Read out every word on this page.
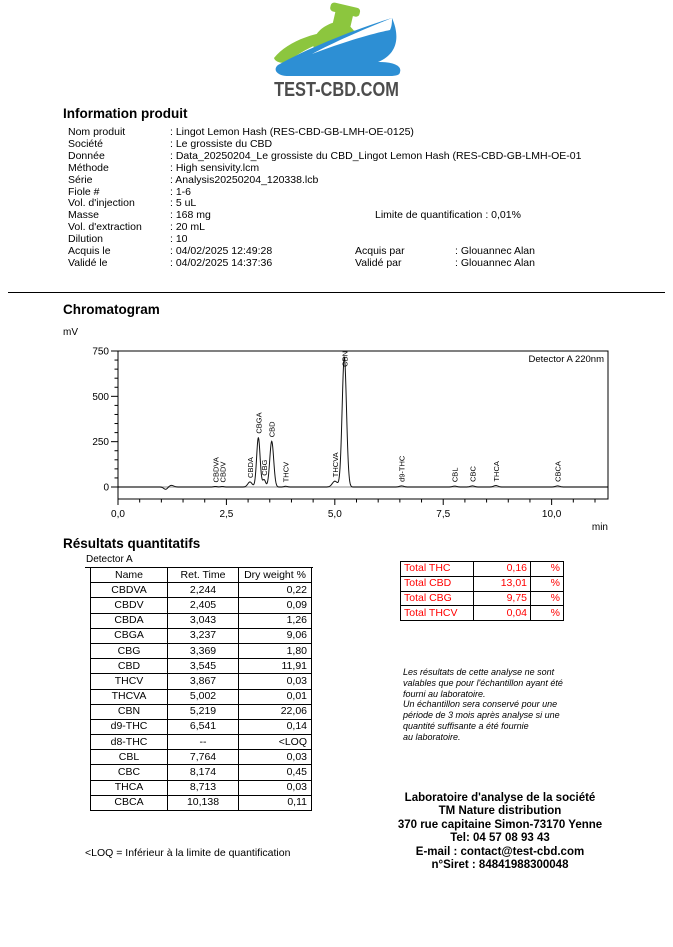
TEST-CBD.COM
Information produit
Nom produit	: Lingot Lemon Hash (RES-CBD-GB-LMH-OE-0125)
Société	: Le grossiste du CBD
Donnée	: Data_20250204_Le grossiste du CBD_Lingot Lemon Hash (RES-CBD-GB-LMH-OE-01
Méthode	: High sensivity.lcm
Série	: Analysis20250204_120338.lcb
Fiole #	: 1-6
Vol. d'injection	: 5 uL
Masse	: 168 mg
Vol. d'extraction	: 20 mL
Dilution	: 10
Acquis le	: 04/02/2025 12:49:28
Validé le	: 04/02/2025 14:37:36
Limite de quantification : 0,01%
Acquis par	: Glouannec Alan
Validé par	: Glouannec Alan
Chromatogram
mV
0
250
500
750
0,0	2,5	5,0	7,5	10,0
min
Detector A 220nm
CBDVA
CBDV CBDA
CBGA
CBG
CBD
THCV	THCVA
CBN
d9-THC	CBL CBC THCA	CBCA
Résultats quantitatifs
Detector A
Name	Ret. Time	Dry weight %
CBDVA	2,244	0,22
CBDV	2,405	0,09
CBDA	3,043	1,26
CBGA	3,237	9,06
CBG	3,369	1,80
CBD	3,545	11,91
THCV	3,867	0,03
THCVA	5,002	0,01
CBN	5,219	22,06
d9-THC	6,541	0,14
d8-THC	--	<LOQ
CBL	7,764	0,03
CBC	8,174	0,45
THCA	8,713	0,03
CBCA	10,138	0,11
Total THC	0,16	%
Total CBD	13,01	%
Total CBG	9,75	%
Total THCV	0,04	%
Les résultats de cette analyse ne sont
valables que pour l'échantillon ayant été
fourni au laboratoire.
Un échantillon sera conservé pour une
période de 3 mois après analyse si une
quantité suffisante a été fournie
au laboratoire.
Laboratoire d'analyse de la société
TM Nature distribution
370 rue capitaine Simon-73170 Yenne
Tel: 04 57 08 93 43
E-mail : contact@test-cbd.com
n°Siret : 84841988300048
<LOQ = Inférieur à la limite de quantification
